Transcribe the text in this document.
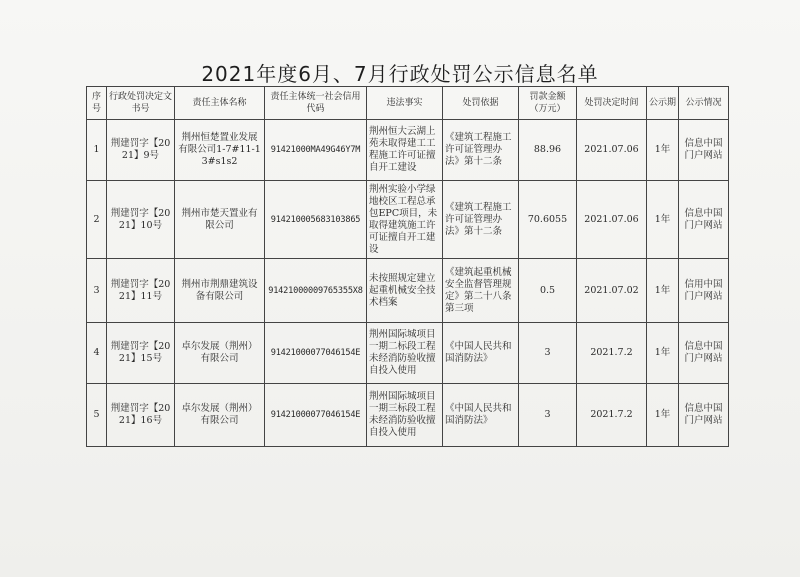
2021年度6月、7月行政处罚公示信息名单
序号	行政处罚决定文书号	责任主体名称	责任主体统一社会信用代码	违法事实	处罚依据	罚款金额（万元）	处罚决定时间	公示期	公示情况
1	荆建罚字【2021】9号	荆州恒楚置业发展有限公司1-7#11-13#s1s2	91421000MA49G46Y7M	荆州恒大云湖上苑未取得建工工程施工许可证擅自开工建设	《建筑工程施工许可证管理办法》第十二条	88.96	2021.07.06	1年	信息中国门户网站
2	荆建罚字【2021】10号	荆州市楚天置业有限公司	914210005683103865	荆州实验小学绿地校区工程总承包EPC项目，未取得建筑施工许可证擅自开工建设	《建筑工程施工许可证管理办法》第十二条	70.6055	2021.07.06	1年	信息中国门户网站
3	荆建罚字【2021】11号	荆州市荆鼎建筑设备有限公司	91421000009765355X8	未按照规定建立起重机械安全技术档案	《建筑起重机械安全监督管理规定》第二十八条第三项	0.5	2021.07.02	1年	信用中国门户网站
4	荆建罚字【2021】15号	卓尔发展（荆州）有限公司	91421000077046154E	荆州国际城项目一期二标段工程未经消防验收擅自投入使用	《中国人民共和国消防法》	3	2021.7.2	1年	信息中国门户网站
5	荆建罚字【2021】16号	卓尔发展（荆州）有限公司	91421000077046154E	荆州国际城项目一期三标段工程未经消防验收擅自投入使用	《中国人民共和国消防法》	3	2021.7.2	1年	信息中国门户网站
